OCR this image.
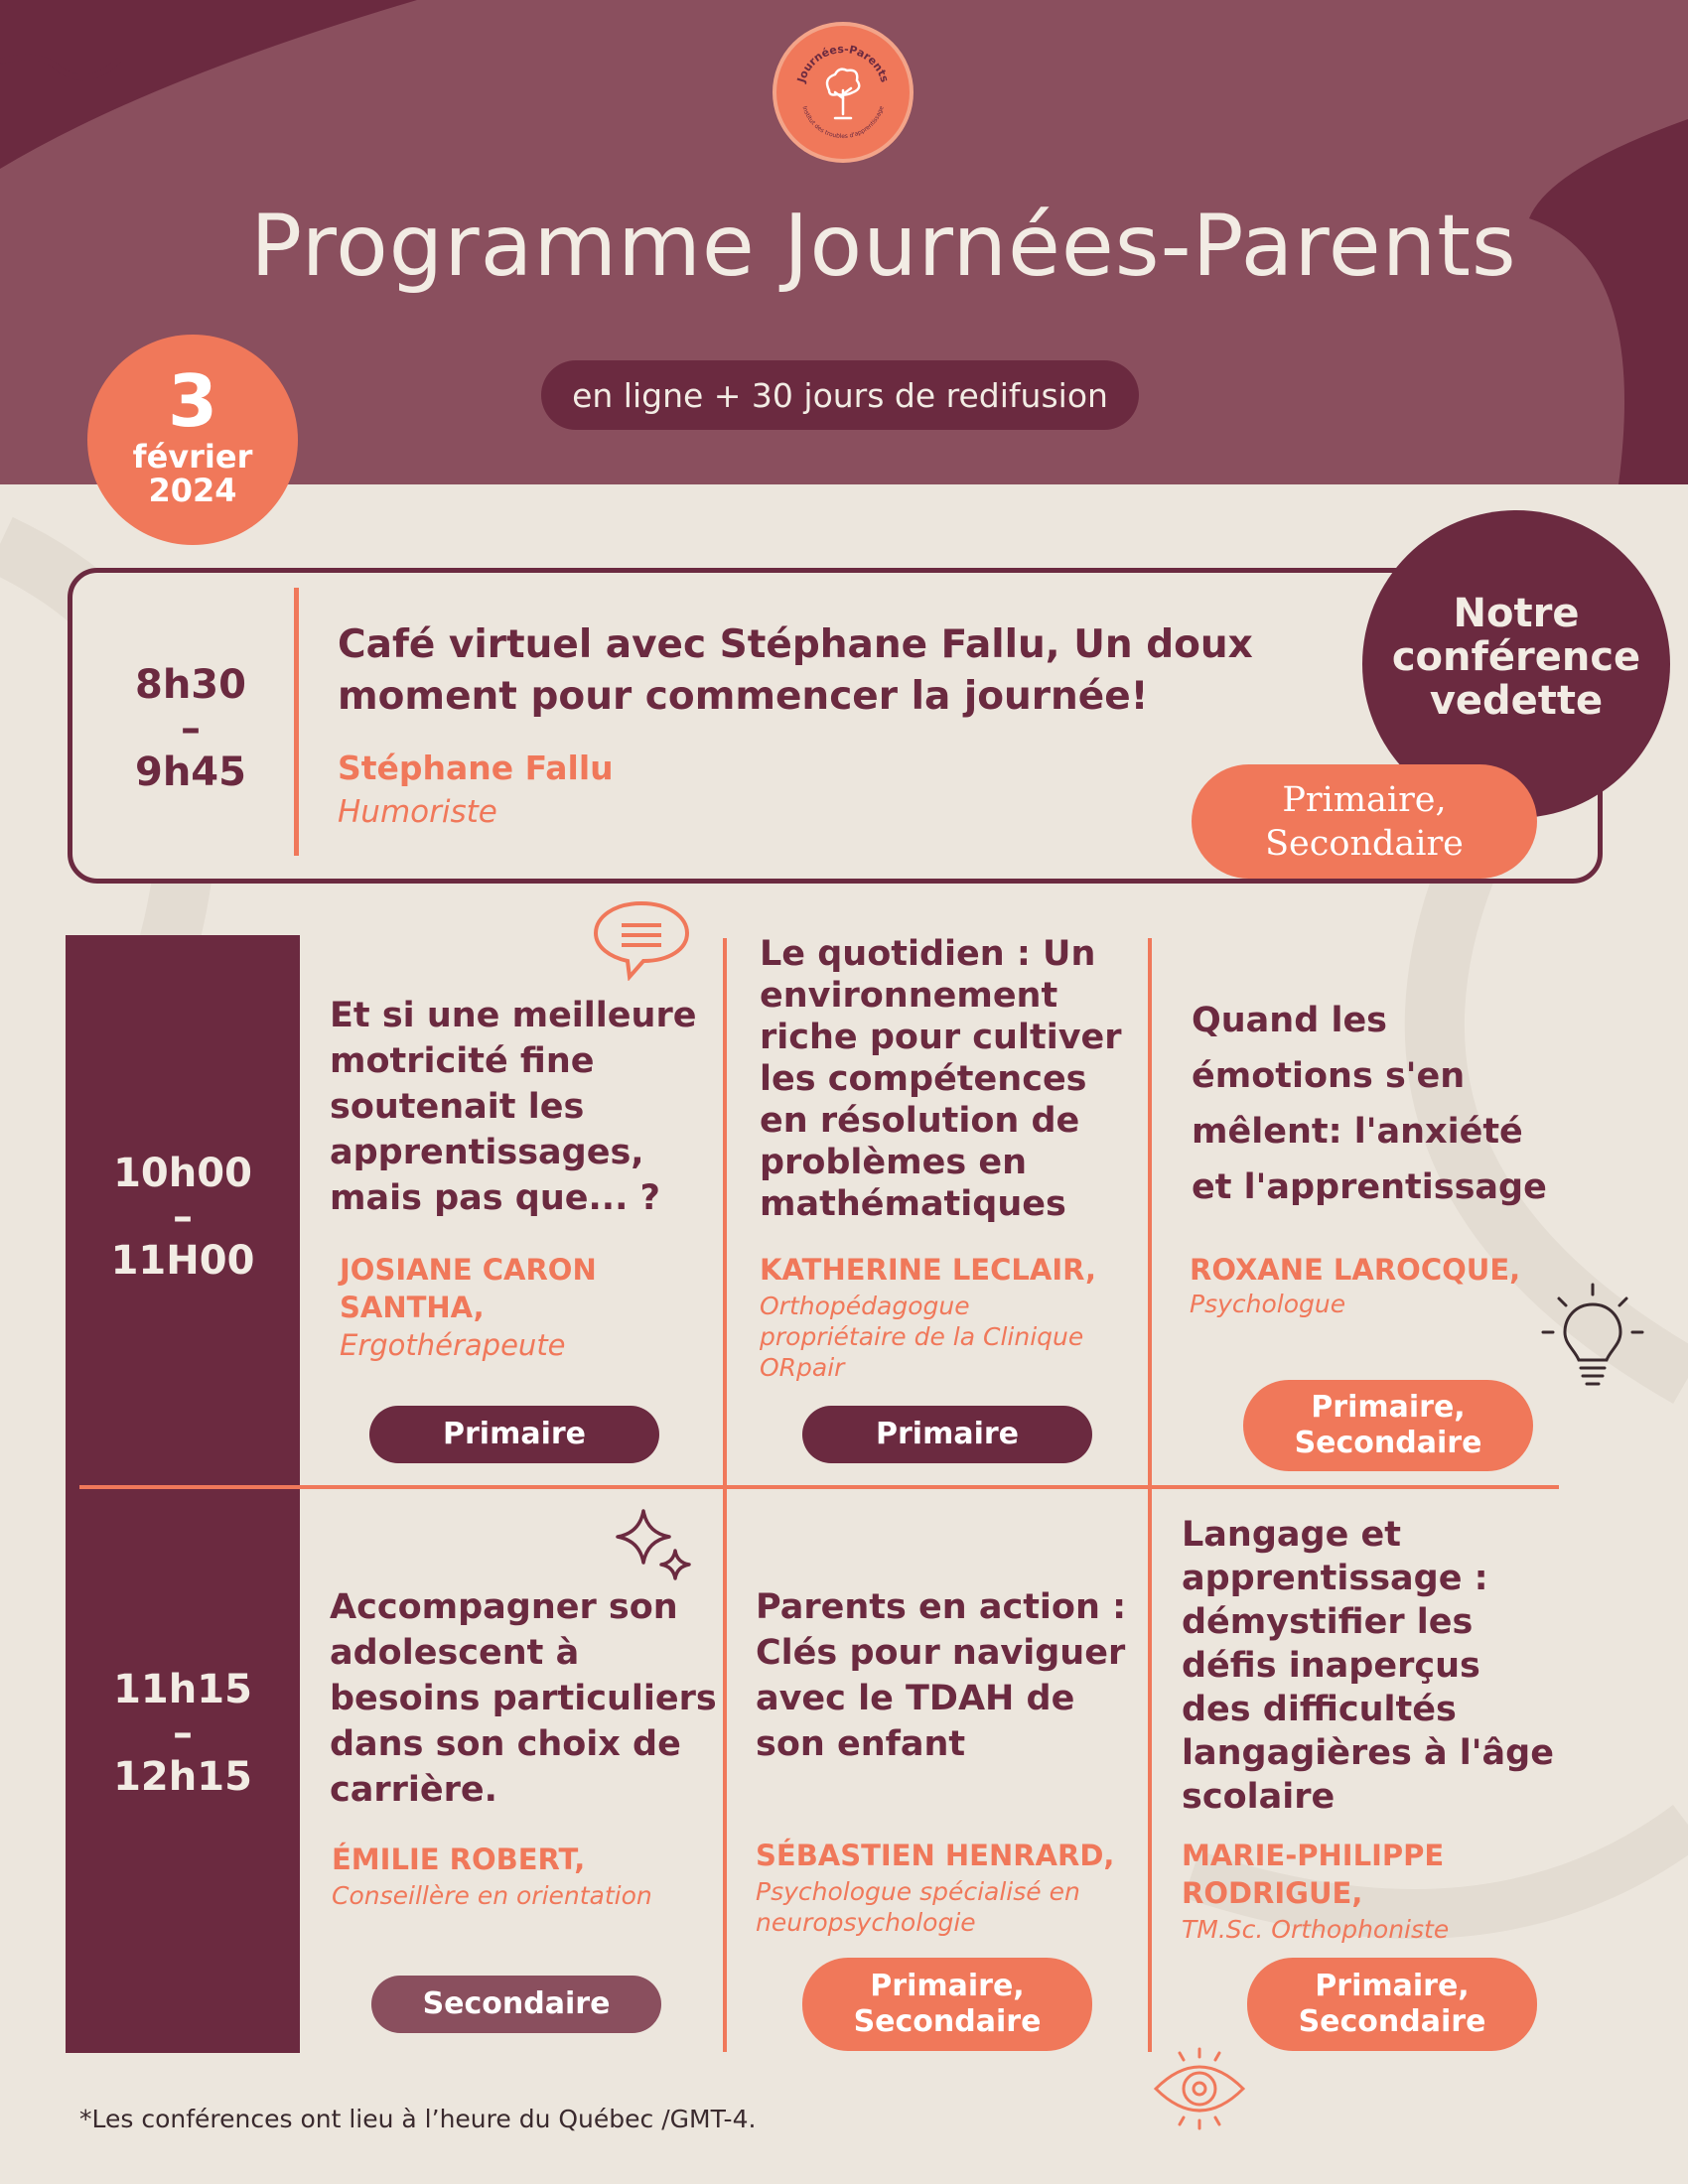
Journées-Parents
Institut des troubles d'apprentissage
Programme Journées-Parents
en ligne + 30 jours de redifusion
3
février
2024
8h30
–
9h45
Café virtuel avec Stéphane Fallu, Un doux moment pour commencer la journée!
Stéphane Fallu
Humoriste
Notre conférence vedette
Primaire,
Secondaire
10h00
–
11H00
11h15
–
12h15
Et si une meilleure motricité fine soutenait les apprentissages, mais pas que... ?
JOSIANE CARON SANTHA,
Ergothérapeute
Primaire
Le quotidien : Un environnement riche pour cultiver les compétences en résolution de problèmes en mathématiques
KATHERINE LECLAIR,
Orthopédagogue propriétaire de la Clinique ORpair
Primaire
Quand les émotions s'en mêlent: l'anxiété et l'apprentissage
ROXANE LAROCQUE,
Psychologue
Primaire,
Secondaire
Accompagner son adolescent à besoins particuliers dans son choix de carrière.
ÉMILIE ROBERT,
Conseillère en orientation
Secondaire
Parents en action : Clés pour naviguer avec le TDAH de son enfant
SÉBASTIEN HENRARD,
Psychologue spécialisé en neuropsychologie
Primaire,
Secondaire
Langage et apprentissage : démystifier les défis inaperçus des difficultés langagières à l'âge scolaire
MARIE-PHILIPPE RODRIGUE,
TM.Sc. Orthophoniste
Primaire,
Secondaire
*Les conférences ont lieu à l’heure du Québec /GMT-4.
